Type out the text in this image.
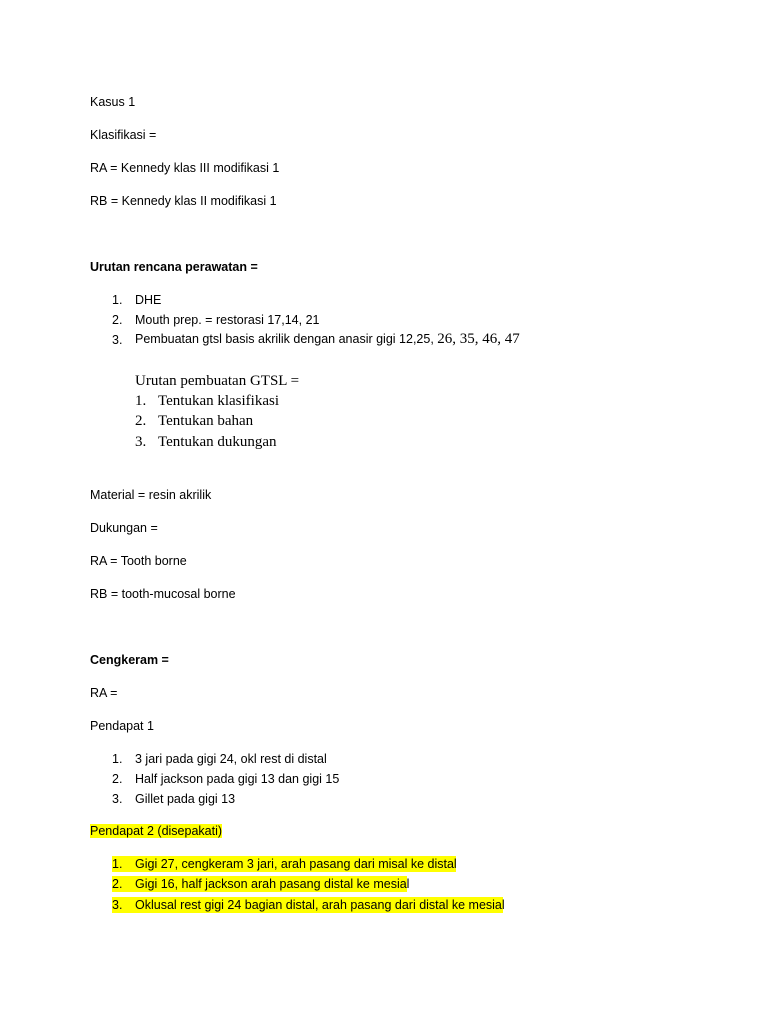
Kasus 1
Klasifikasi =
RA = Kennedy klas III modifikasi 1
RB = Kennedy klas II modifikasi 1
Urutan rencana perawatan =
1. DHE
2. Mouth prep. = restorasi 17,14, 21
3. Pembuatan gtsl basis akrilik dengan anasir gigi 12,25, 26, 35, 46, 47
Urutan pembuatan GTSL =
1. Tentukan klasifikasi
2. Tentukan bahan
3. Tentukan dukungan
Material = resin akrilik
Dukungan =
RA = Tooth borne
RB = tooth-mucosal borne
Cengkeram =
RA =
Pendapat 1
1. 3 jari pada gigi 24, okl rest di distal
2. Half jackson pada gigi 13 dan gigi 15
3. Gillet pada gigi 13
Pendapat 2 (disepakati)
1. Gigi 27, cengkeram 3 jari, arah pasang dari misal ke distal
2. Gigi 16, half jackson arah pasang distal ke mesial
3. Oklusal rest gigi 24 bagian distal, arah pasang dari distal ke mesial
